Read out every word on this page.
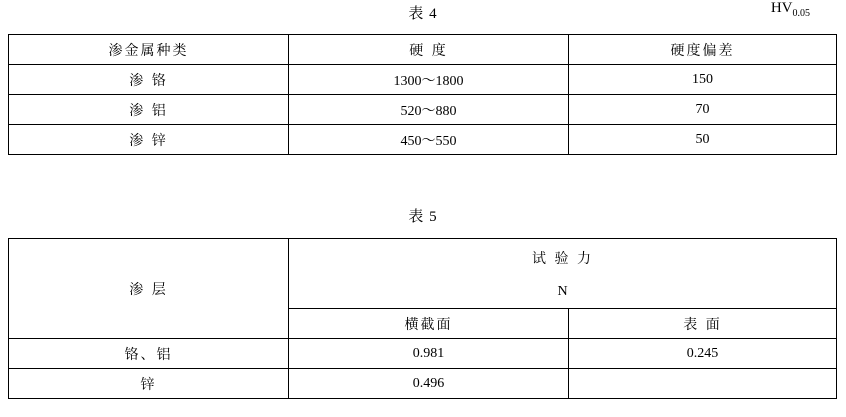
表 4	$HV_{0.05}$
渗金属种类	硬 度	硬度偏差
渗 铬	1300～1800	150
渗 铝	520～880	70
渗 锌	450～550	50
表 5
渗 层	试 验 力	
	N	
	横截面	表 面
铬、铝	0.981	0.245
锌	0.496	
